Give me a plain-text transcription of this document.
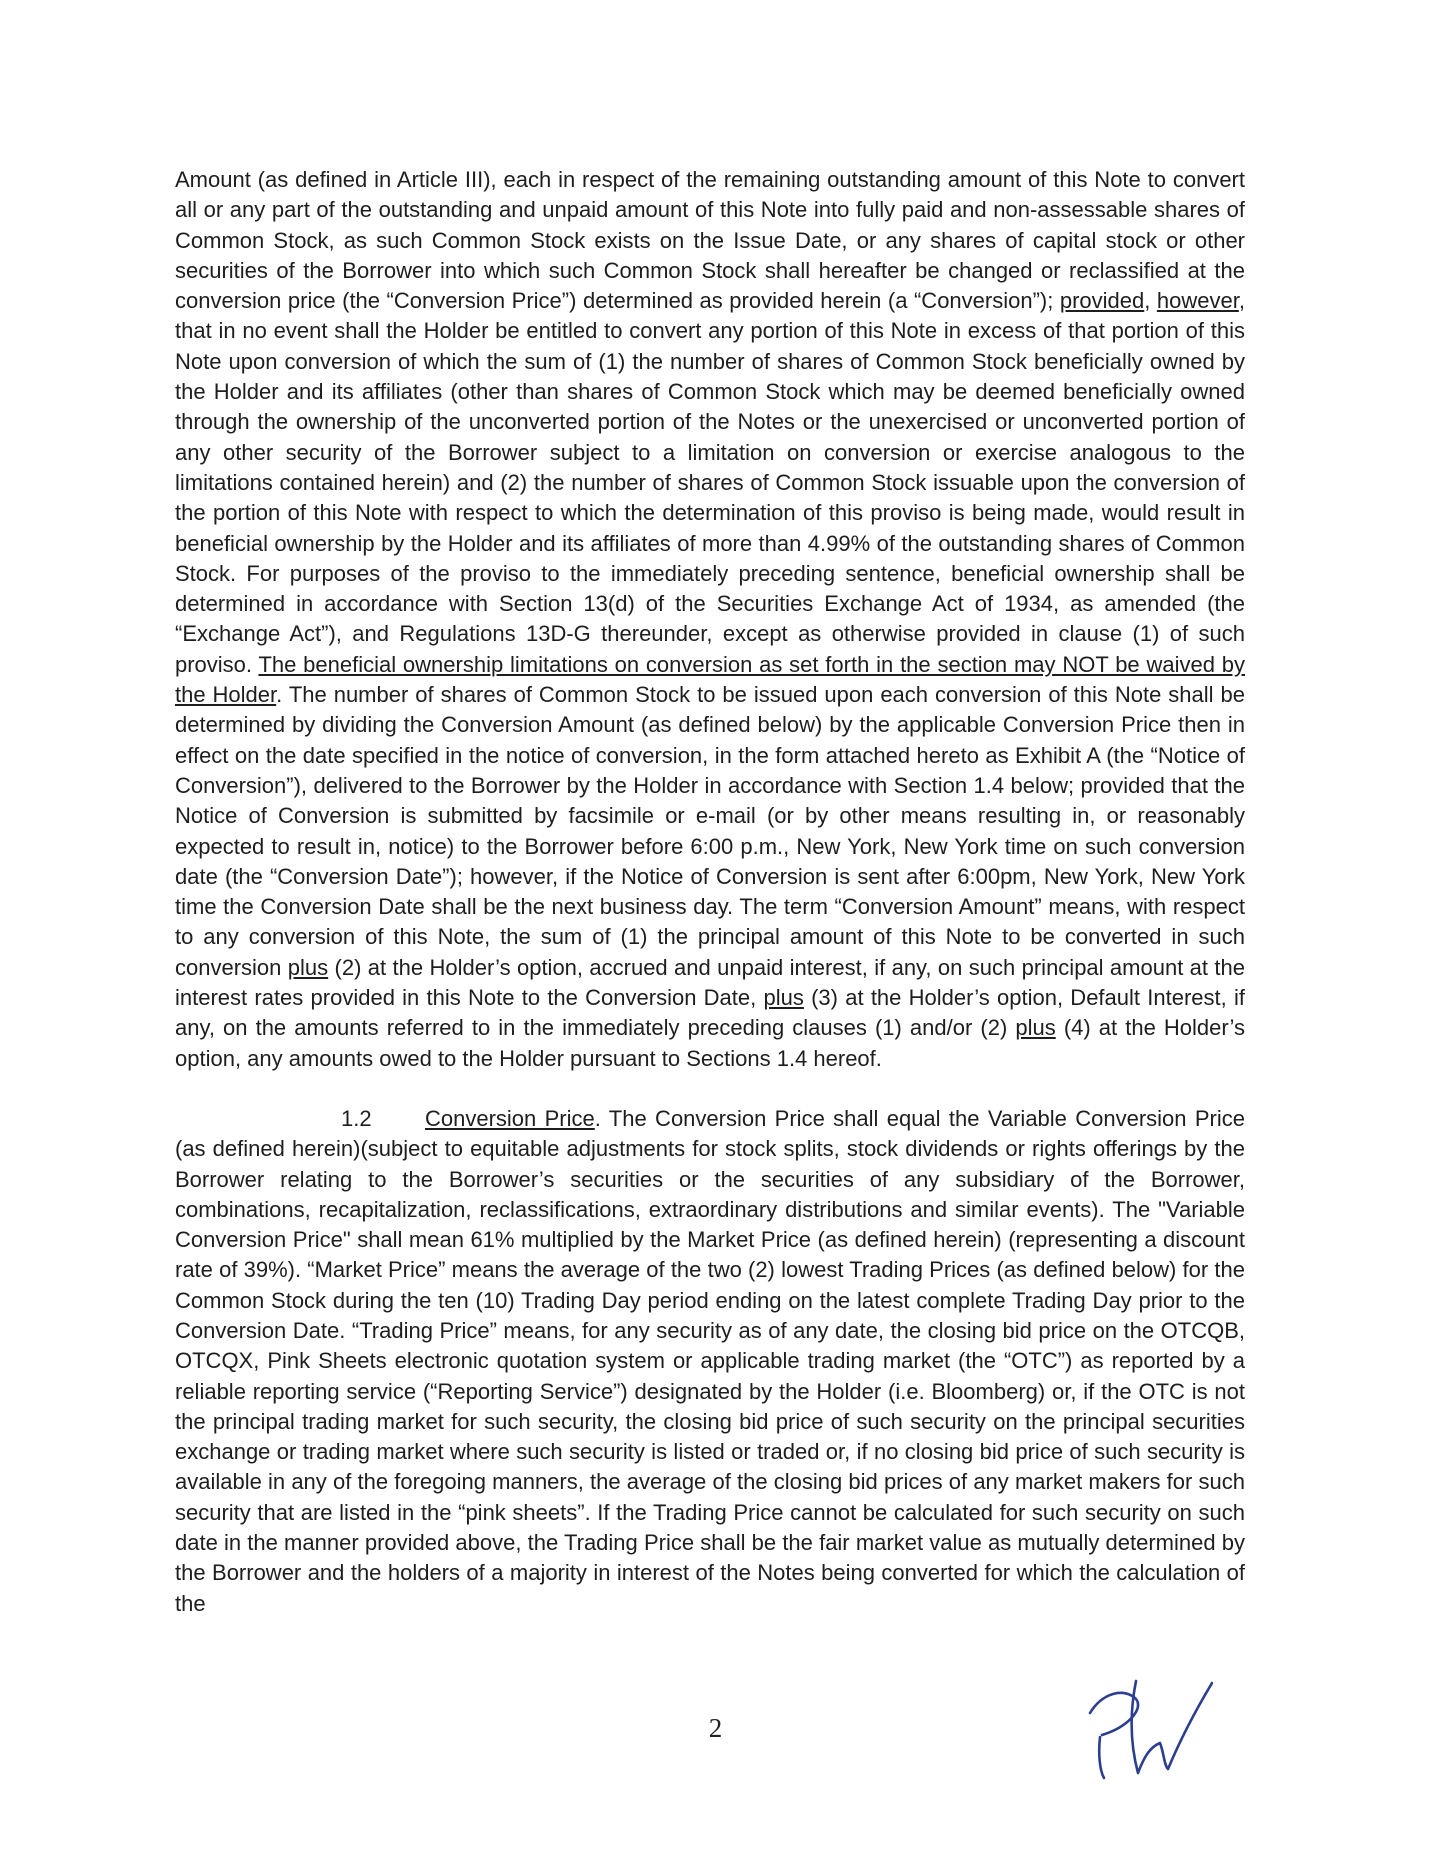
Amount (as defined in Article III), each in respect of the remaining outstanding amount of this Note to convert all or any part of the outstanding and unpaid amount of this Note into fully paid and non-assessable shares of Common Stock, as such Common Stock exists on the Issue Date, or any shares of capital stock or other securities of the Borrower into which such Common Stock shall hereafter be changed or reclassified at the conversion price (the “Conversion Price”) determined as provided herein (a “Conversion”); provided, however, that in no event shall the Holder be entitled to convert any portion of this Note in excess of that portion of this Note upon conversion of which the sum of (1) the number of shares of Common Stock beneficially owned by the Holder and its affiliates (other than shares of Common Stock which may be deemed beneficially owned through the ownership of the unconverted portion of the Notes or the unexercised or unconverted portion of any other security of the Borrower subject to a limitation on conversion or exercise analogous to the limitations contained herein) and (2) the number of shares of Common Stock issuable upon the conversion of the portion of this Note with respect to which the determination of this proviso is being made, would result in beneficial ownership by the Holder and its affiliates of more than 4.99% of the outstanding shares of Common Stock. For purposes of the proviso to the immediately preceding sentence, beneficial ownership shall be determined in accordance with Section 13(d) of the Securities Exchange Act of 1934, as amended (the “Exchange Act”), and Regulations 13D-G thereunder, except as otherwise provided in clause (1) of such proviso. The beneficial ownership limitations on conversion as set forth in the section may NOT be waived by the Holder. The number of shares of Common Stock to be issued upon each conversion of this Note shall be determined by dividing the Conversion Amount (as defined below) by the applicable Conversion Price then in effect on the date specified in the notice of conversion, in the form attached hereto as Exhibit A (the “Notice of Conversion”), delivered to the Borrower by the Holder in accordance with Section 1.4 below; provided that the Notice of Conversion is submitted by facsimile or e-mail (or by other means resulting in, or reasonably expected to result in, notice) to the Borrower before 6:00 p.m., New York, New York time on such conversion date (the “Conversion Date”); however, if the Notice of Conversion is sent after 6:00pm, New York, New York time the Conversion Date shall be the next business day. The term “Conversion Amount” means, with respect to any conversion of this Note, the sum of (1) the principal amount of this Note to be converted in such conversion plus (2) at the Holder’s option, accrued and unpaid interest, if any, on such principal amount at the interest rates provided in this Note to the Conversion Date, plus (3) at the Holder’s option, Default Interest, if any, on the amounts referred to in the immediately preceding clauses (1) and/or (2) plus (4) at the Holder’s option, any amounts owed to the Holder pursuant to Sections 1.4 hereof.

1.2 Conversion Price. The Conversion Price shall equal the Variable Conversion Price (as defined herein)(subject to equitable adjustments for stock splits, stock dividends or rights offerings by the Borrower relating to the Borrower’s securities or the securities of any subsidiary of the Borrower, combinations, recapitalization, reclassifications, extraordinary distributions and similar events). The "Variable Conversion Price" shall mean 61% multiplied by the Market Price (as defined herein) (representing a discount rate of 39%). “Market Price” means the average of the two (2) lowest Trading Prices (as defined below) for the Common Stock during the ten (10) Trading Day period ending on the latest complete Trading Day prior to the Conversion Date. “Trading Price” means, for any security as of any date, the closing bid price on the OTCQB, OTCQX, Pink Sheets electronic quotation system or applicable trading market (the “OTC”) as reported by a reliable reporting service (“Reporting Service”) designated by the Holder (i.e. Bloomberg) or, if the OTC is not the principal trading market for such security, the closing bid price of such security on the principal securities exchange or trading market where such security is listed or traded or, if no closing bid price of such security is available in any of the foregoing manners, the average of the closing bid prices of any market makers for such security that are listed in the “pink sheets”. If the Trading Price cannot be calculated for such security on such date in the manner provided above, the Trading Price shall be the fair market value as mutually determined by the Borrower and the holders of a majority in interest of the Notes being converted for which the calculation of the

2
